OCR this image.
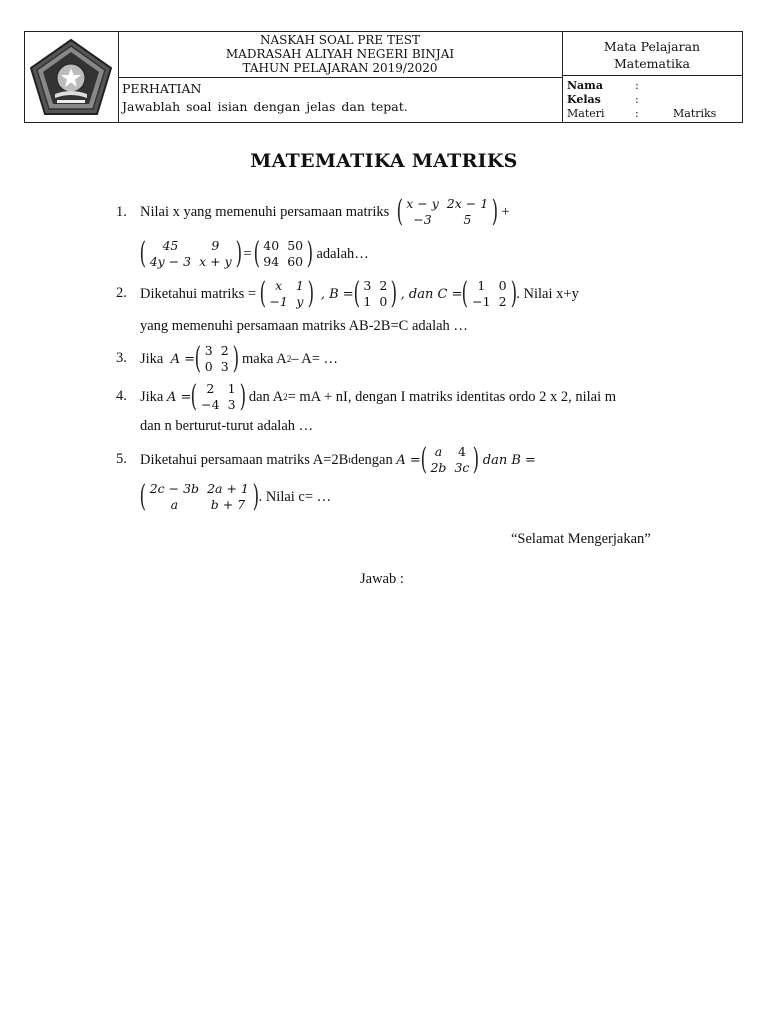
NASKAH SOAL PRE TEST
MADRASAH ALIYAH NEGERI BINJAI
TAHUN PELAJARAN 2019/2020
PERHATIAN
Jawablah soal isian dengan jelas dan tepat.
Mata Pelajaran
Matematika
Nama	:
Kelas	:
Materi	:	Matriks
MATEMATIKA MATRIKS
1. Nilai x yang memenuhi persamaan matriks
( x − y	2x − 1
−3	5 )
+
( 45	9
4y − 3	x + y ) = ( 40	50
94	60 )
adalah…
2. Diketahui matriks =
( x	1
−1	y )
, B = ( 3	2
1	0 )
, dan C = ( 1	0
−1	2 ) . Nilai x+y
yang memenuhi persamaan matriks AB-2B=C adalah …
3. Jika
A = ( 3	2
0	3 )
maka A 2 – A= …
4. Jika
A = ( 2	1
−4	3 )
dan A 2 = mA + nI, dengan I matriks identitas ordo 2 x 2, nilai m
dan n berturut-turut adalah …
5. Diketahui persamaan matriks A=2B t dengan
A = ( a	4
2b	3c )
dan B =
( 2c − 3b	2a + 1
a	b + 7 ) . Nilai c= …
“Selamat Mengerjakan”
Jawab :
